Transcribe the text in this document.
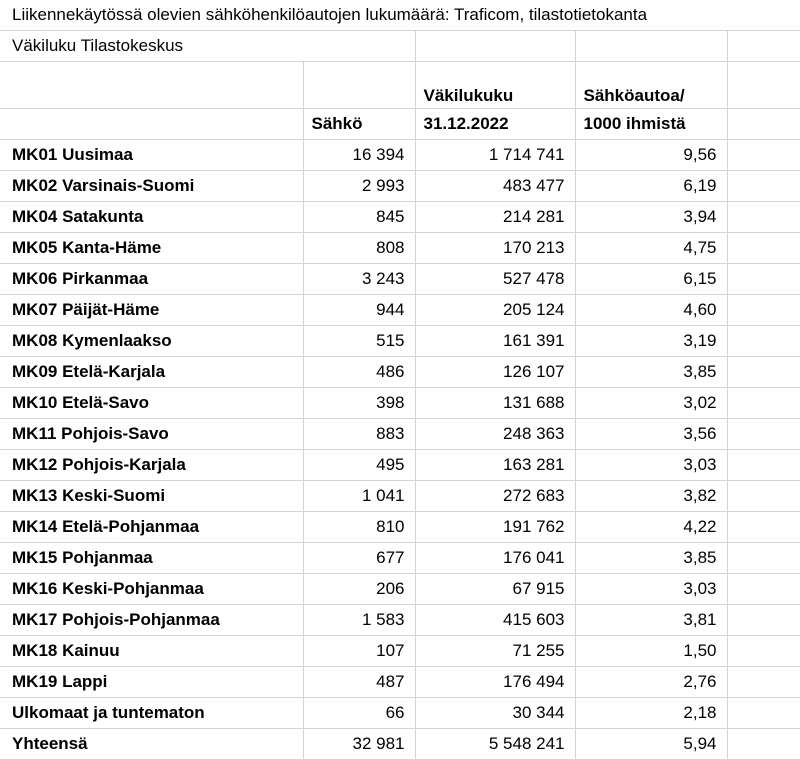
Liikennekäytössä olevien sähköhenkilöautojen lukumäärä: Traficom, tilastotietokanta				
Väkiluku Tilastokeskus				
		Väkilukuku	Sähköautoa/	
	Sähkö	31.12.2022	1000 ihmistä	
MK01 Uusimaa	16 394	1 714 741	9,56	
MK02 Varsinais-Suomi	2 993	483 477	6,19	
MK04 Satakunta	845	214 281	3,94	
MK05 Kanta-Häme	808	170 213	4,75	
MK06 Pirkanmaa	3 243	527 478	6,15	
MK07 Päijät-Häme	944	205 124	4,60	
MK08 Kymenlaakso	515	161 391	3,19	
MK09 Etelä-Karjala	486	126 107	3,85	
MK10 Etelä-Savo	398	131 688	3,02	
MK11 Pohjois-Savo	883	248 363	3,56	
MK12 Pohjois-Karjala	495	163 281	3,03	
MK13 Keski-Suomi	1 041	272 683	3,82	
MK14 Etelä-Pohjanmaa	810	191 762	4,22	
MK15 Pohjanmaa	677	176 041	3,85	
MK16 Keski-Pohjanmaa	206	67 915	3,03	
MK17 Pohjois-Pohjanmaa	1 583	415 603	3,81	
MK18 Kainuu	107	71 255	1,50	
MK19 Lappi	487	176 494	2,76	
Ulkomaat ja tuntematon	66	30 344	2,18	
Yhteensä	32 981	5 548 241	5,94	
